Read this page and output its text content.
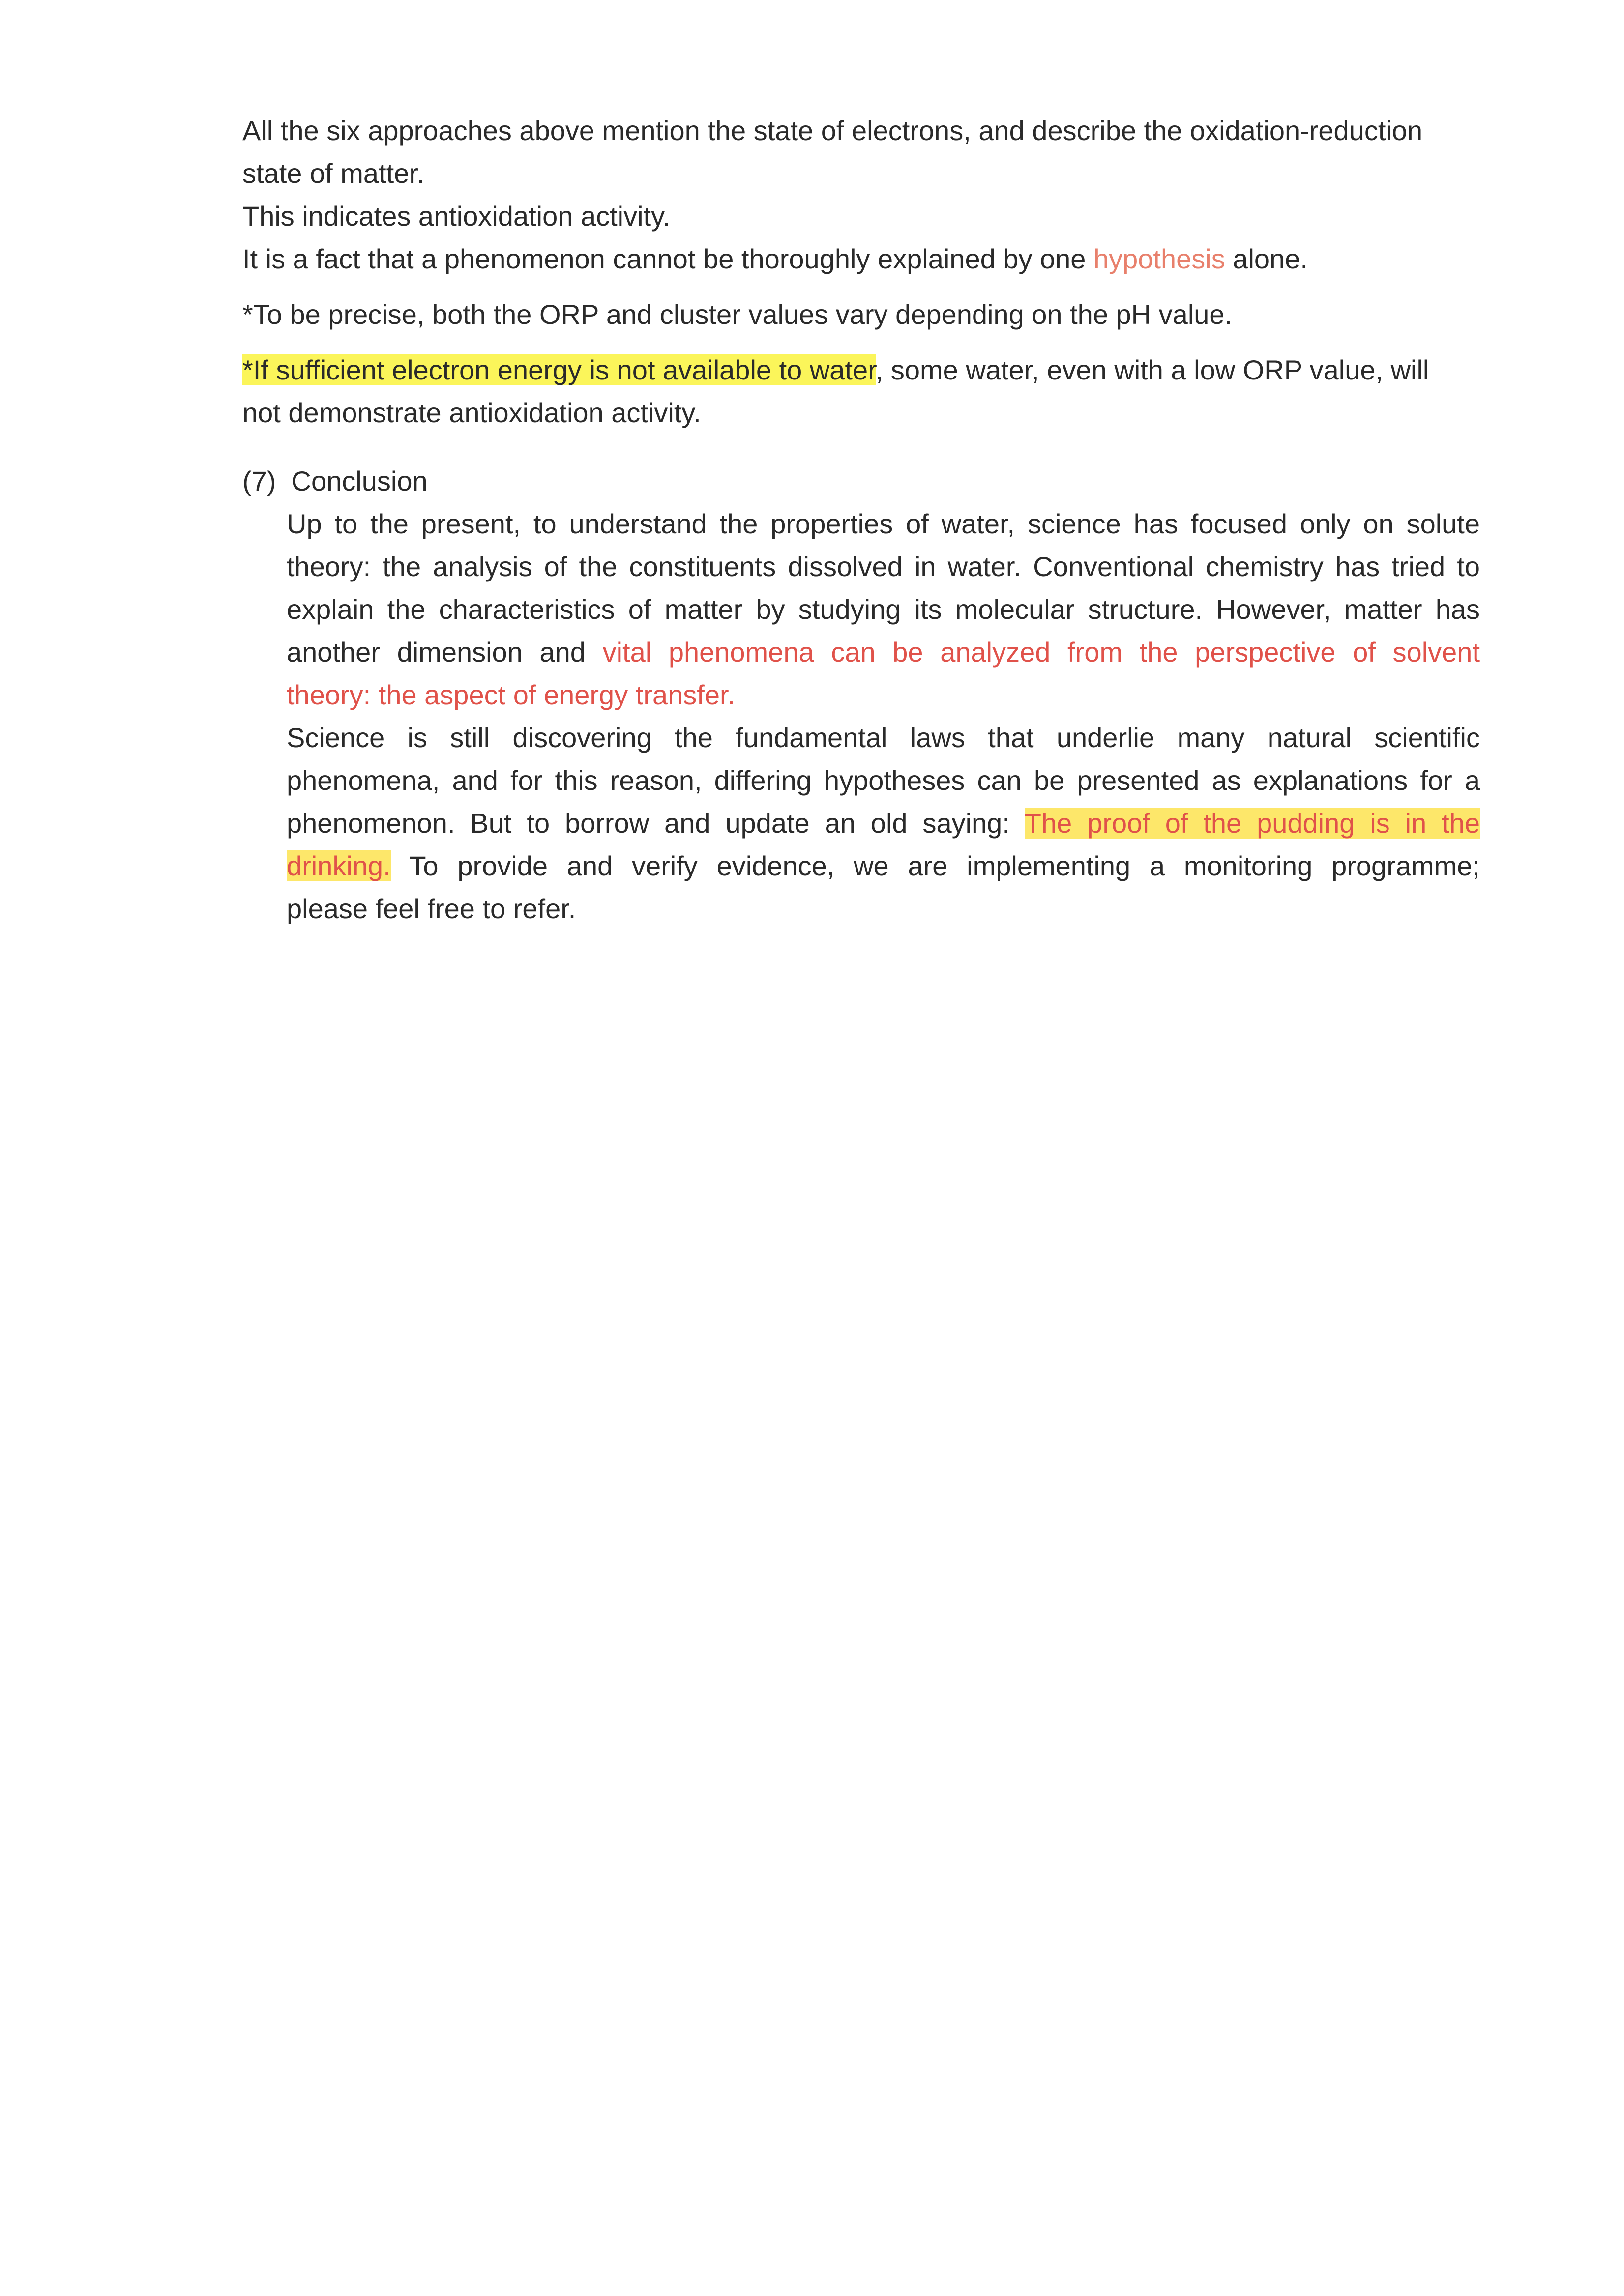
All the six approaches above mention the state of electrons, and describe the oxidation-reduction
state of matter.
This indicates antioxidation activity.
It is a fact that a phenomenon cannot be thoroughly explained by one hypothesis alone.
*To be precise, both the ORP and cluster values vary depending on the pH value.
*If sufficient electron energy is not available to water, some water, even with a low ORP value, will
not demonstrate antioxidation activity.
(7)  Conclusion
Up to the present, to understand the properties of water, science has focused only on solute
theory: the analysis of the constituents dissolved in water. Conventional chemistry has tried to
explain the characteristics of matter by studying its molecular structure. However, matter has
another dimension and vital phenomena can be analyzed from the perspective of solvent
theory: the aspect of energy transfer.
Science is still discovering the fundamental laws that underlie many natural scientific
phenomena, and for this reason, differing hypotheses can be presented as explanations for a
phenomenon. But to borrow and update an old saying: The proof of the pudding is in the
drinking. To provide and verify evidence, we are implementing a monitoring programme;
please feel free to refer.
